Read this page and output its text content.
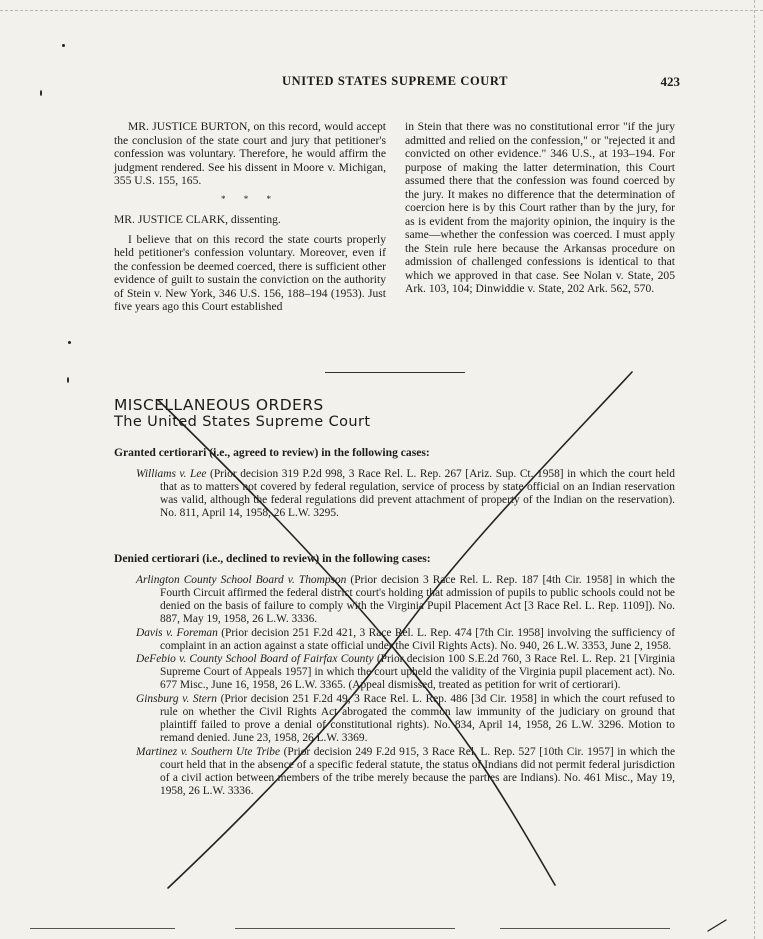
UNITED STATES SUPREME COURT	423

MR. JUSTICE BURTON, on this record, would accept the conclusion of the state court and jury that petitioner's confession was voluntary. Therefore, he would affirm the judgment rendered. See his dissent in Moore v. Michigan, 355 U.S. 155, 165.

* * *

MR. JUSTICE CLARK, dissenting.

I believe that on this record the state courts properly held petitioner's confession voluntary. Moreover, even if the confession be deemed coerced, there is sufficient other evidence of guilt to sustain the conviction on the authority of Stein v. New York, 346 U.S. 156, 188–194 (1953). Just five years ago this Court established

in Stein that there was no constitutional error "if the jury admitted and relied on the confession," or "rejected it and convicted on other evidence." 346 U.S., at 193–194. For purpose of making the latter determination, this Court assumed there that the confession was found coerced by the jury. It makes no difference that the determination of coercion here is by this Court rather than by the jury, for as is evident from the majority opinion, the inquiry is the same—whether the confession was coerced. I must apply the Stein rule here because the Arkansas procedure on admission of challenged confessions is identical to that which we approved in that case. See Nolan v. State, 205 Ark. 103, 104; Dinwiddie v. State, 202 Ark. 562, 570.

MISCELLANEOUS ORDERS
The United States Supreme Court
Granted certiorari (i.e., agreed to review) in the following cases:

Williams v. Lee (Prior decision 319 P.2d 998, 3 Race Rel. L. Rep. 267 [Ariz. Sup. Ct. 1958] in which the court held that as to matters not covered by federal regulation, service of process by state official on an Indian reservation was valid, although the federal regulations did prevent attachment of property of the Indian on the reservation). No. 811, April 14, 1958, 26 L.W. 3295.

Denied certiorari (i.e., declined to review) in the following cases:

Arlington County School Board v. Thompson (Prior decision 3 Race Rel. L. Rep. 187 [4th Cir. 1958] in which the Fourth Circuit affirmed the federal district court's holding that admission of pupils to public schools could not be denied on the basis of failure to comply with the Virginia Pupil Placement Act [3 Race Rel. L. Rep. 1109]). No. 887, May 19, 1958, 26 L.W. 3336.

Davis v. Foreman (Prior decision 251 F.2d 421, 3 Race Rel. L. Rep. 474 [7th Cir. 1958] involving the sufficiency of complaint in an action against a state official under the Civil Rights Acts). No. 940, 26 L.W. 3353, June 2, 1958.

DeFebio v. County School Board of Fairfax County (Prior decision 100 S.E.2d 760, 3 Race Rel. L. Rep. 21 [Virginia Supreme Court of Appeals 1957] in which the court upheld the validity of the Virginia pupil placement act). No. 677 Misc., June 16, 1958, 26 L.W. 3365. (Appeal dismissed, treated as petition for writ of certiorari).

Ginsburg v. Stern (Prior decision 251 F.2d 49, 3 Race Rel. L. Rep. 486 [3d Cir. 1958] in which the court refused to rule on whether the Civil Rights Act abrogated the common law immunity of the judiciary on ground that plaintiff failed to prove a denial of constitutional rights). No. 834, April 14, 1958, 26 L.W. 3296. Motion to remand denied. June 23, 1958, 26 L.W. 3369.

Martinez v. Southern Ute Tribe (Prior decision 249 F.2d 915, 3 Race Rel. L. Rep. 527 [10th Cir. 1957] in which the court held that in the absence of a specific federal statute, the status of Indians did not permit federal jurisdiction of a civil action between members of the tribe merely because the parties are Indians). No. 461 Misc., May 19, 1958, 26 L.W. 3336.
